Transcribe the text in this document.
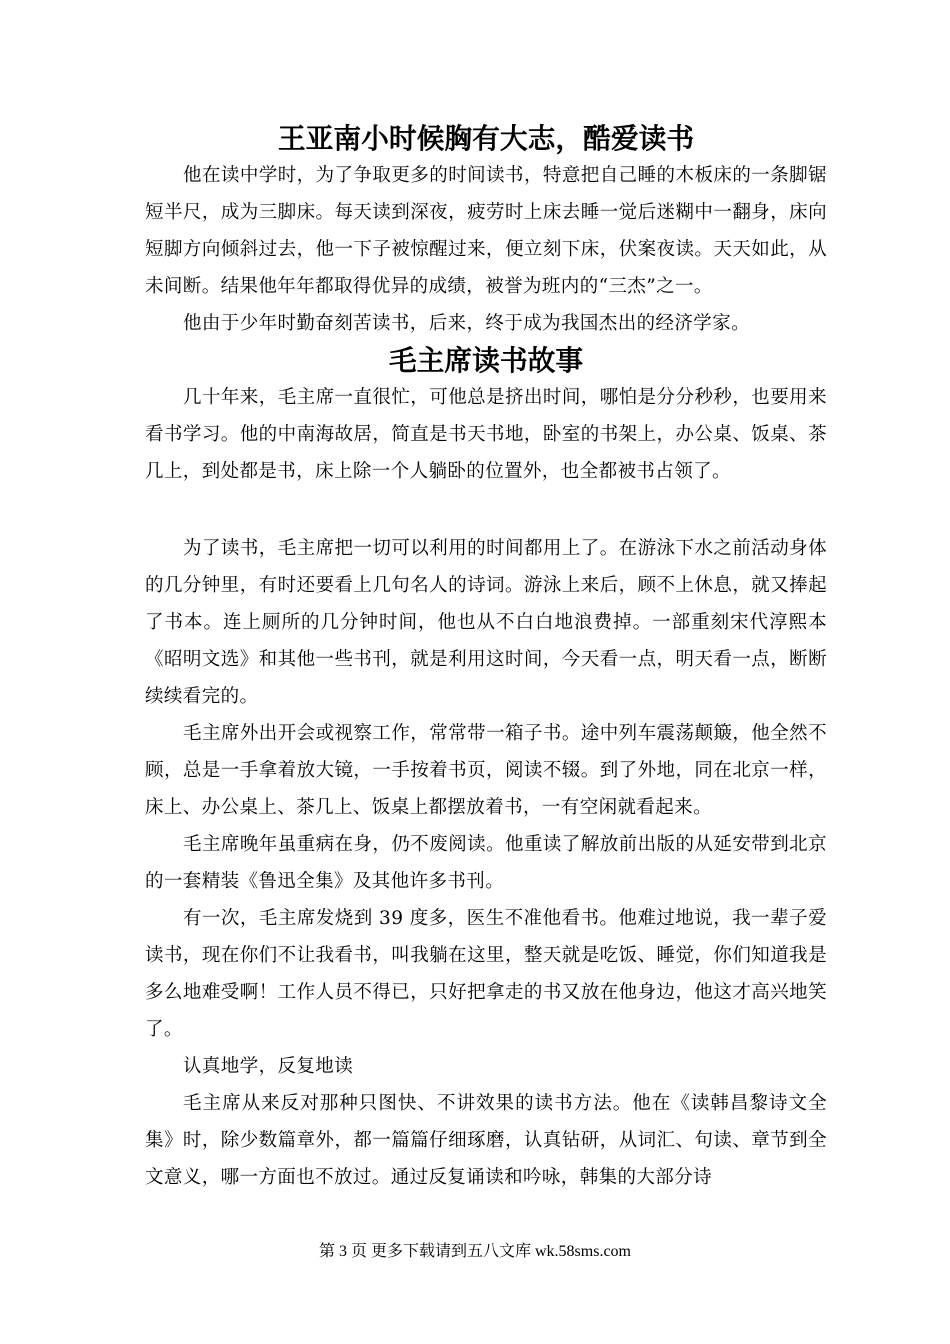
王亚南小时候胸有大志，酷爱读书

他在读中学时，为了争取更多的时间读书，特意把自己睡的木板床的一条脚锯短半尺，成为三脚床。每天读到深夜，疲劳时上床去睡一觉后迷糊中一翻身，床向短脚方向倾斜过去，他一下子被惊醒过来，便立刻下床，伏案夜读。天天如此，从未间断。结果他年年都取得优异的成绩，被誉为班内的“三杰”之一。

他由于少年时勤奋刻苦读书，后来，终于成为我国杰出的经济学家。

毛主席读书故事

几十年来，毛主席一直很忙，可他总是挤出时间，哪怕是分分秒秒，也要用来看书学习。他的中南海故居，简直是书天书地，卧室的书架上，办公桌、饭桌、茶几上，到处都是书，床上除一个人躺卧的位置外，也全都被书占领了。

为了读书，毛主席把一切可以利用的时间都用上了。在游泳下水之前活动身体的几分钟里，有时还要看上几句名人的诗词。游泳上来后，顾不上休息，就又捧起了书本。连上厕所的几分钟时间，他也从不白白地浪费掉。一部重刻宋代淳熙本《昭明文选》和其他一些书刊，就是利用这时间，今天看一点，明天看一点，断断续续看完的。

毛主席外出开会或视察工作，常常带一箱子书。途中列车震荡颠簸，他全然不顾，总是一手拿着放大镜，一手按着书页，阅读不辍。到了外地，同在北京一样，床上、办公桌上、茶几上、饭桌上都摆放着书，一有空闲就看起来。

毛主席晚年虽重病在身，仍不废阅读。他重读了解放前出版的从延安带到北京的一套精装《鲁迅全集》及其他许多书刊。

有一次，毛主席发烧到 39 度多，医生不准他看书。他难过地说，我一辈子爱读书，现在你们不让我看书，叫我躺在这里，整天就是吃饭、睡觉，你们知道我是多么地难受啊！工作人员不得已，只好把拿走的书又放在他身边，他这才高兴地笑了。

认真地学，反复地读

毛主席从来反对那种只图快、不讲效果的读书方法。他在《读韩昌黎诗文全集》时，除少数篇章外，都一篇篇仔细琢磨，认真钻研，从词汇、句读、章节到全文意义，哪一方面也不放过。通过反复诵读和吟咏，韩集的大部分诗

第 3 页 更多下载请到五八文库 wk.58sms.com
